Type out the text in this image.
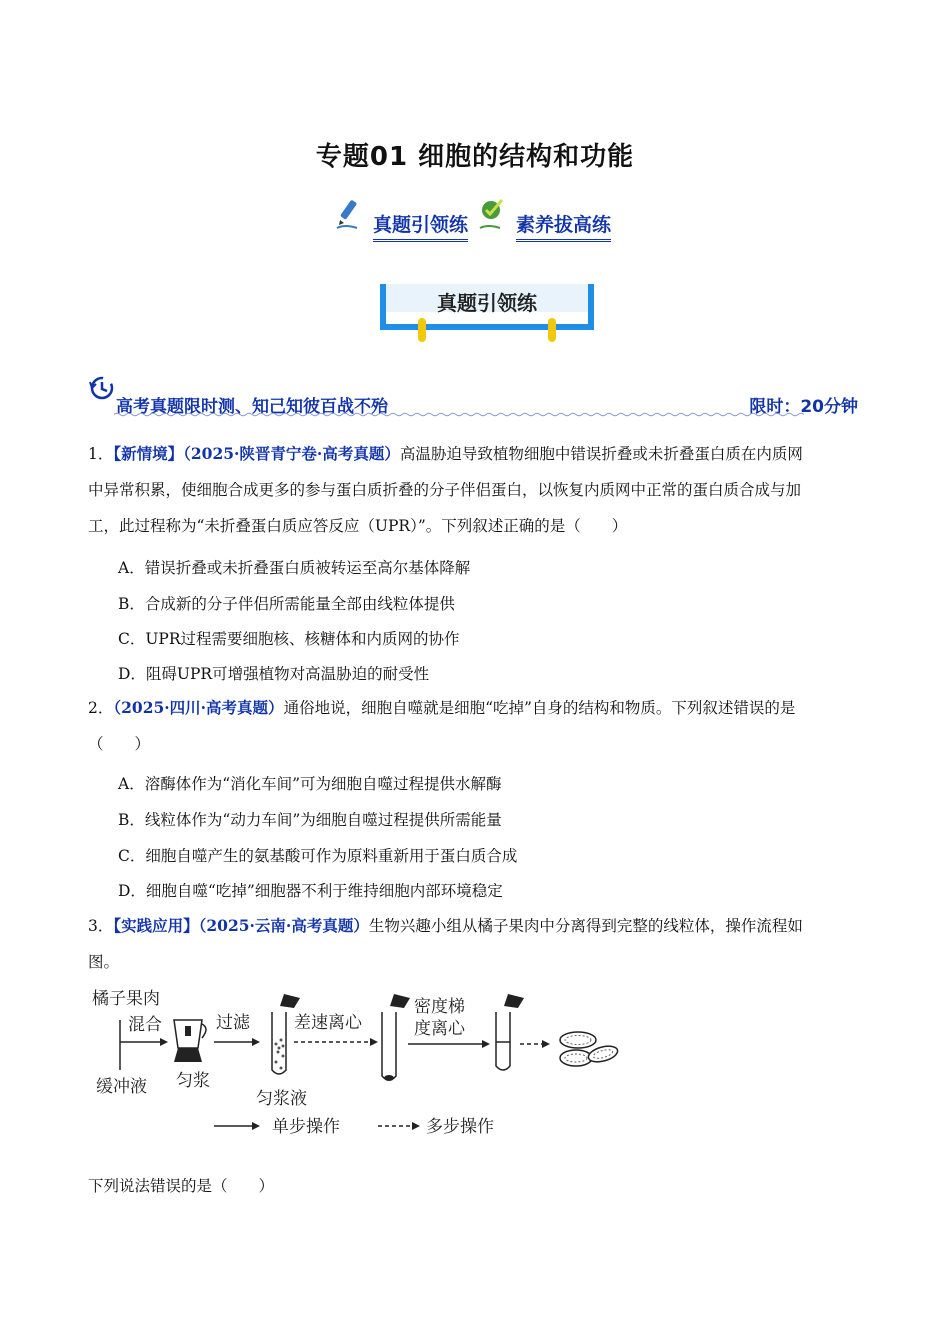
专题01 细胞的结构和功能
真题引领练	素养拔高练
真题引领练
高考真题限时测、知己知彼百战不殆	限时：20分钟
1．【新情境】（2025·陕晋青宁卷·高考真题）高温胁迫导致植物细胞中错误折叠或未折叠蛋白质在内质网
中异常积累，使细胞合成更多的参与蛋白质折叠的分子伴侣蛋白，以恢复内质网中正常的蛋白质合成与加
工，此过程称为“未折叠蛋白质应答反应（UPR）”。下列叙述正确的是（　　）
A．错误折叠或未折叠蛋白质被转运至高尔基体降解
B．合成新的分子伴侣所需能量全部由线粒体提供
C．UPR过程需要细胞核、核糖体和内质网的协作
D．阻碍UPR可增强植物对高温胁迫的耐受性
2．（2025·四川·高考真题）通俗地说，细胞自噬就是细胞“吃掉”自身的结构和物质。下列叙述错误的是
（　　）
A．溶酶体作为“消化车间”可为细胞自噬过程提供水解酶
B．线粒体作为“动力车间”为细胞自噬过程提供所需能量
C．细胞自噬产生的氨基酸可作为原料重新用于蛋白质合成
D．细胞自噬“吃掉”细胞器不利于维持细胞内部环境稳定
3．【实践应用】（2025·云南·高考真题）生物兴趣小组从橘子果肉中分离得到完整的线粒体，操作流程如
图。
橘子果肉
混合
缓冲液 匀浆
过滤
匀浆液
差速离心
密度梯
度离心
单步操作	多步操作
下列说法错误的是（　　）
